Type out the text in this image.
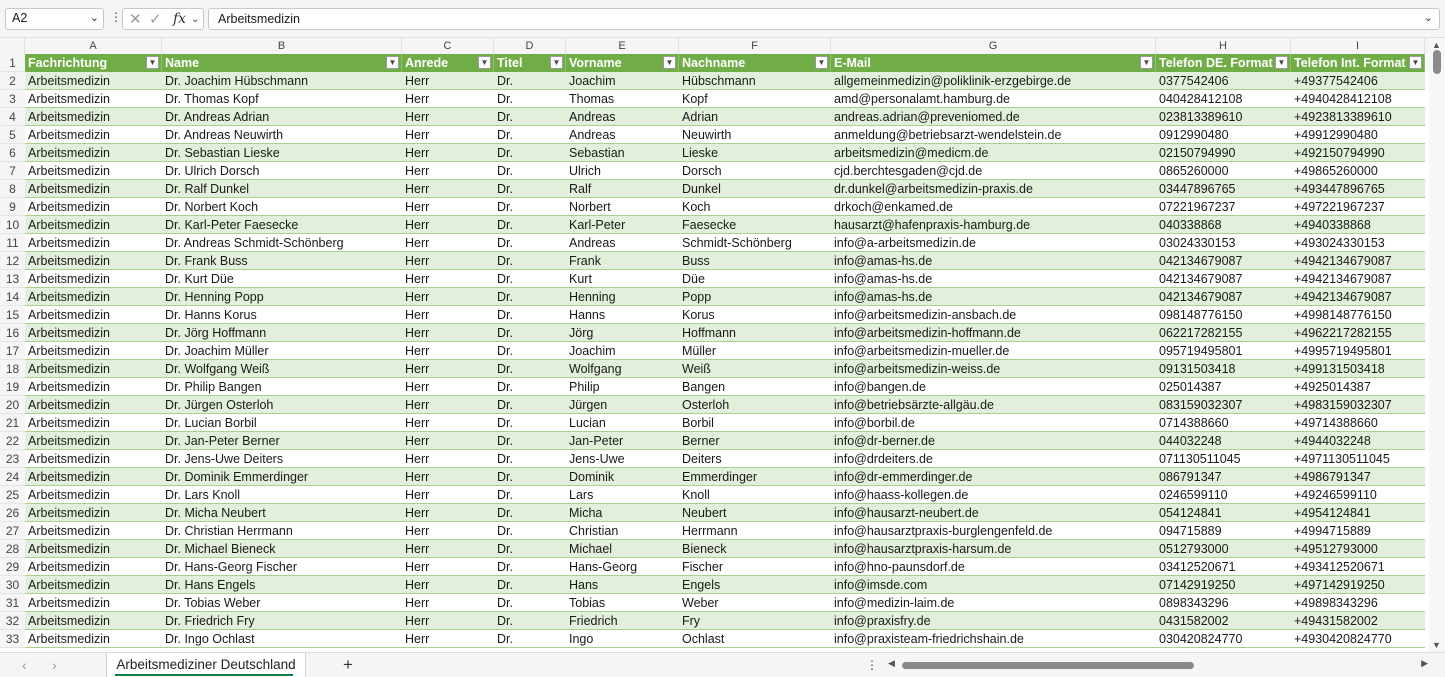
A2	⌄ ⋮ ✕ ✓ fx ⌄	Arbeitsmedizin	⌄
A	B	C	D	E	F	G	H	I
1 Fachrichtung	▼ Name	▼ Anrede	▼ Titel	▼ Vorname	▼ Nachname	▼ E-Mail	▼ Telefon DE. Format ▼ Telefon Int. Format ▼
2 Arbeitsmedizin	Dr. Joachim Hübschmann	Herr	Dr.	Joachim	Hübschmann	allgemeinmedizin@poliklinik-erzgebirge.de	0377542406	+49377542406
3 Arbeitsmedizin	Dr. Thomas Kopf	Herr	Dr.	Thomas	Kopf	amd@personalamt.hamburg.de	040428412108	+4940428412108
4 Arbeitsmedizin	Dr. Andreas Adrian	Herr	Dr.	Andreas	Adrian	andreas.adrian@preveniomed.de	023813389610	+4923813389610
5 Arbeitsmedizin	Dr. Andreas Neuwirth	Herr	Dr.	Andreas	Neuwirth	anmeldung@betriebsarzt-wendelstein.de	0912990480	+49912990480
6 Arbeitsmedizin	Dr. Sebastian Lieske	Herr	Dr.	Sebastian	Lieske	arbeitsmedizin@medicm.de	02150794990	+492150794990
7 Arbeitsmedizin	Dr. Ulrich Dorsch	Herr	Dr.	Ulrich	Dorsch	cjd.berchtesgaden@cjd.de	0865260000	+49865260000
8 Arbeitsmedizin	Dr. Ralf Dunkel	Herr	Dr.	Ralf	Dunkel	dr.dunkel@arbeitsmedizin-praxis.de	03447896765	+493447896765
9 Arbeitsmedizin	Dr. Norbert Koch	Herr	Dr.	Norbert	Koch	drkoch@enkamed.de	07221967237	+497221967237
10 Arbeitsmedizin	Dr. Karl-Peter Faesecke	Herr	Dr.	Karl-Peter	Faesecke	hausarzt@hafenpraxis-hamburg.de	040338868	+4940338868
11 Arbeitsmedizin	Dr. Andreas Schmidt-Schönberg	Herr	Dr.	Andreas	Schmidt-Schönberg	info@a-arbeitsmedizin.de	03024330153	+493024330153
12 Arbeitsmedizin	Dr. Frank Buss	Herr	Dr.	Frank	Buss	info@amas-hs.de	042134679087	+4942134679087
13 Arbeitsmedizin	Dr. Kurt Düe	Herr	Dr.	Kurt	Düe	info@amas-hs.de	042134679087	+4942134679087
14 Arbeitsmedizin	Dr. Henning Popp	Herr	Dr.	Henning	Popp	info@amas-hs.de	042134679087	+4942134679087
15 Arbeitsmedizin	Dr. Hanns Korus	Herr	Dr.	Hanns	Korus	info@arbeitsmedizin-ansbach.de	098148776150	+4998148776150
16 Arbeitsmedizin	Dr. Jörg Hoffmann	Herr	Dr.	Jörg	Hoffmann	info@arbeitsmedizin-hoffmann.de	062217282155	+4962217282155
17 Arbeitsmedizin	Dr. Joachim Müller	Herr	Dr.	Joachim	Müller	info@arbeitsmedizin-mueller.de	095719495801	+4995719495801
18 Arbeitsmedizin	Dr. Wolfgang Weiß	Herr	Dr.	Wolfgang	Weiß	info@arbeitsmedizin-weiss.de	09131503418	+499131503418
19 Arbeitsmedizin	Dr. Philip Bangen	Herr	Dr.	Philip	Bangen	info@bangen.de	025014387	+4925014387
20 Arbeitsmedizin	Dr. Jürgen Osterloh	Herr	Dr.	Jürgen	Osterloh	info@betriebsärzte-allgäu.de	083159032307	+4983159032307
21 Arbeitsmedizin	Dr. Lucian Borbil	Herr	Dr.	Lucian	Borbil	info@borbil.de	0714388660	+49714388660
22 Arbeitsmedizin	Dr. Jan-Peter Berner	Herr	Dr.	Jan-Peter	Berner	info@dr-berner.de	044032248	+4944032248
23 Arbeitsmedizin	Dr. Jens-Uwe Deiters	Herr	Dr.	Jens-Uwe	Deiters	info@drdeiters.de	071130511045	+4971130511045
24 Arbeitsmedizin	Dr. Dominik Emmerdinger	Herr	Dr.	Dominik	Emmerdinger	info@dr-emmerdinger.de	086791347	+4986791347
25 Arbeitsmedizin	Dr. Lars Knoll	Herr	Dr.	Lars	Knoll	info@haass-kollegen.de	0246599110	+49246599110
26 Arbeitsmedizin	Dr. Micha Neubert	Herr	Dr.	Micha	Neubert	info@hausarzt-neubert.de	054124841	+4954124841
27 Arbeitsmedizin	Dr. Christian Herrmann	Herr	Dr.	Christian	Herrmann	info@hausarztpraxis-burglengenfeld.de	094715889	+4994715889
28 Arbeitsmedizin	Dr. Michael Bieneck	Herr	Dr.	Michael	Bieneck	info@hausarztpraxis-harsum.de	0512793000	+49512793000
29 Arbeitsmedizin	Dr. Hans-Georg Fischer	Herr	Dr.	Hans-Georg	Fischer	info@hno-paunsdorf.de	03412520671	+493412520671
30 Arbeitsmedizin	Dr. Hans Engels	Herr	Dr.	Hans	Engels	info@imsde.com	07142919250	+497142919250
31 Arbeitsmedizin	Dr. Tobias Weber	Herr	Dr.	Tobias	Weber	info@medizin-laim.de	0898343296	+49898343296
32 Arbeitsmedizin	Dr. Friedrich Fry	Herr	Dr.	Friedrich	Fry	info@praxisfry.de	0431582002	+49431582002
33 Arbeitsmedizin	Dr. Ingo Ochlast	Herr	Dr.	Ingo	Ochlast	info@praxisteam-friedrichshain.de	030420824770	+4930420824770
▲
▼
‹ ›	Arbeitsmediziner Deutschland	+	⋮ ◀	▶
